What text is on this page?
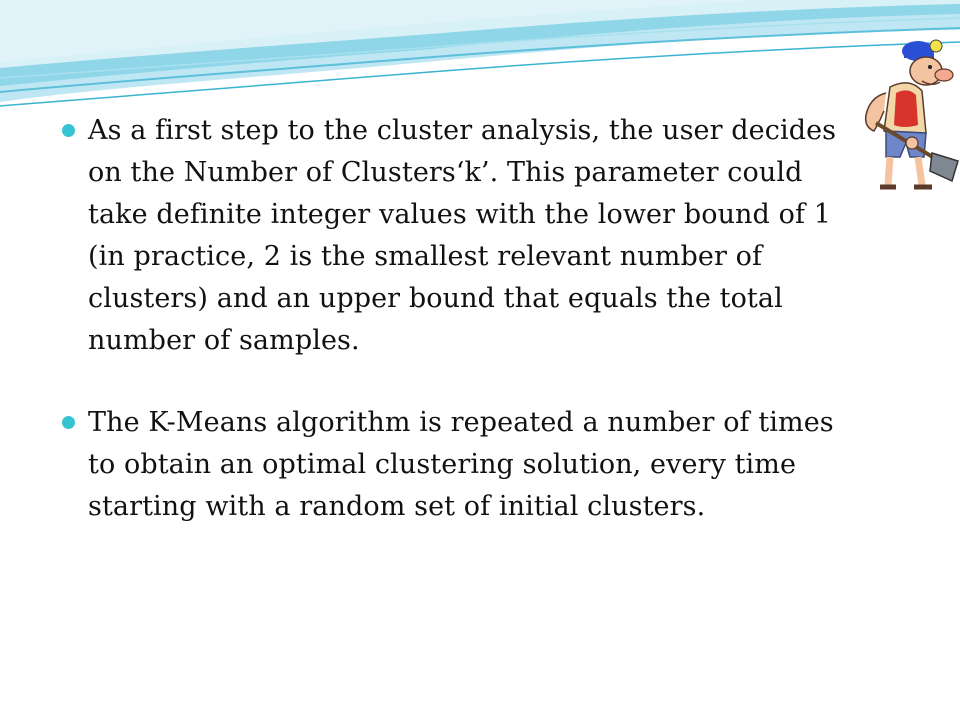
As a first step to the cluster analysis, the user decides on the Number of Clusters‘k’. This parameter could take definite integer values with the lower bound of 1 (in practice, 2 is the smallest relevant number of clusters) and an upper bound that equals the total number of samples.
The K-Means algorithm is repeated a number of times to obtain an optimal clustering solution, every time starting with a random set of initial clusters.
